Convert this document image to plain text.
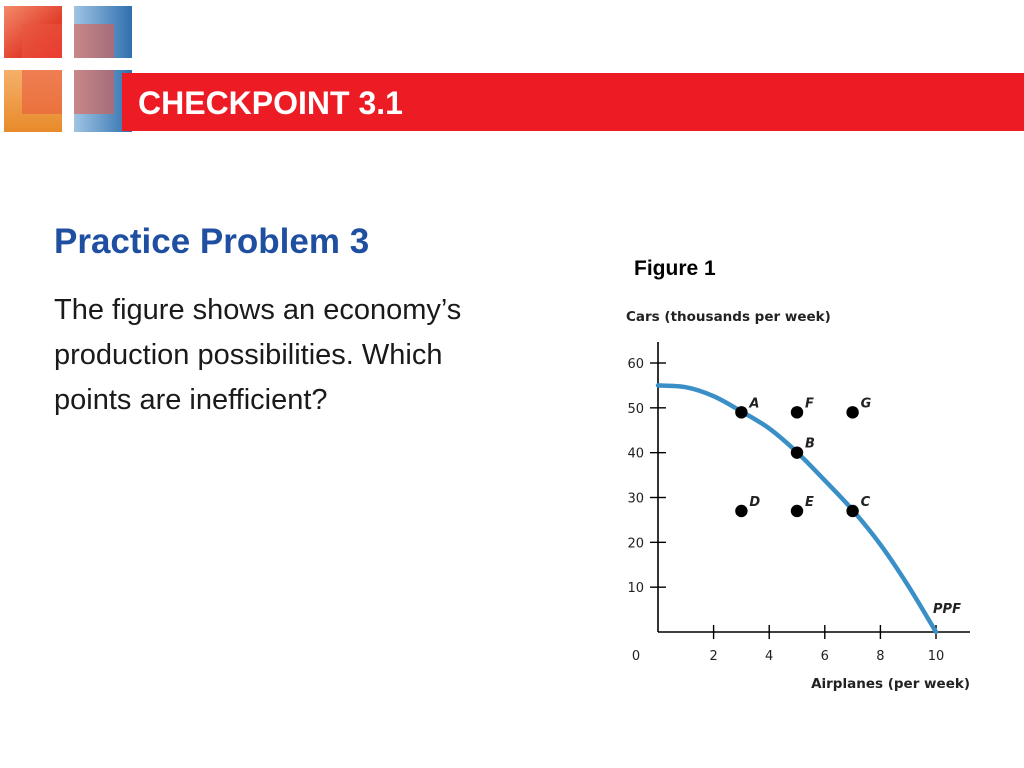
CHECKPOINT 3.1
Practice Problem 3
The figure shows an economy’s production possibilities. Which points are inefficient?
Figure 1
Cars (thousands per week)
Airplanes (per week)
0
10
20
30
40
50
60
2	4	6	8	10
PPF
A	F	G
B
D	E	C
